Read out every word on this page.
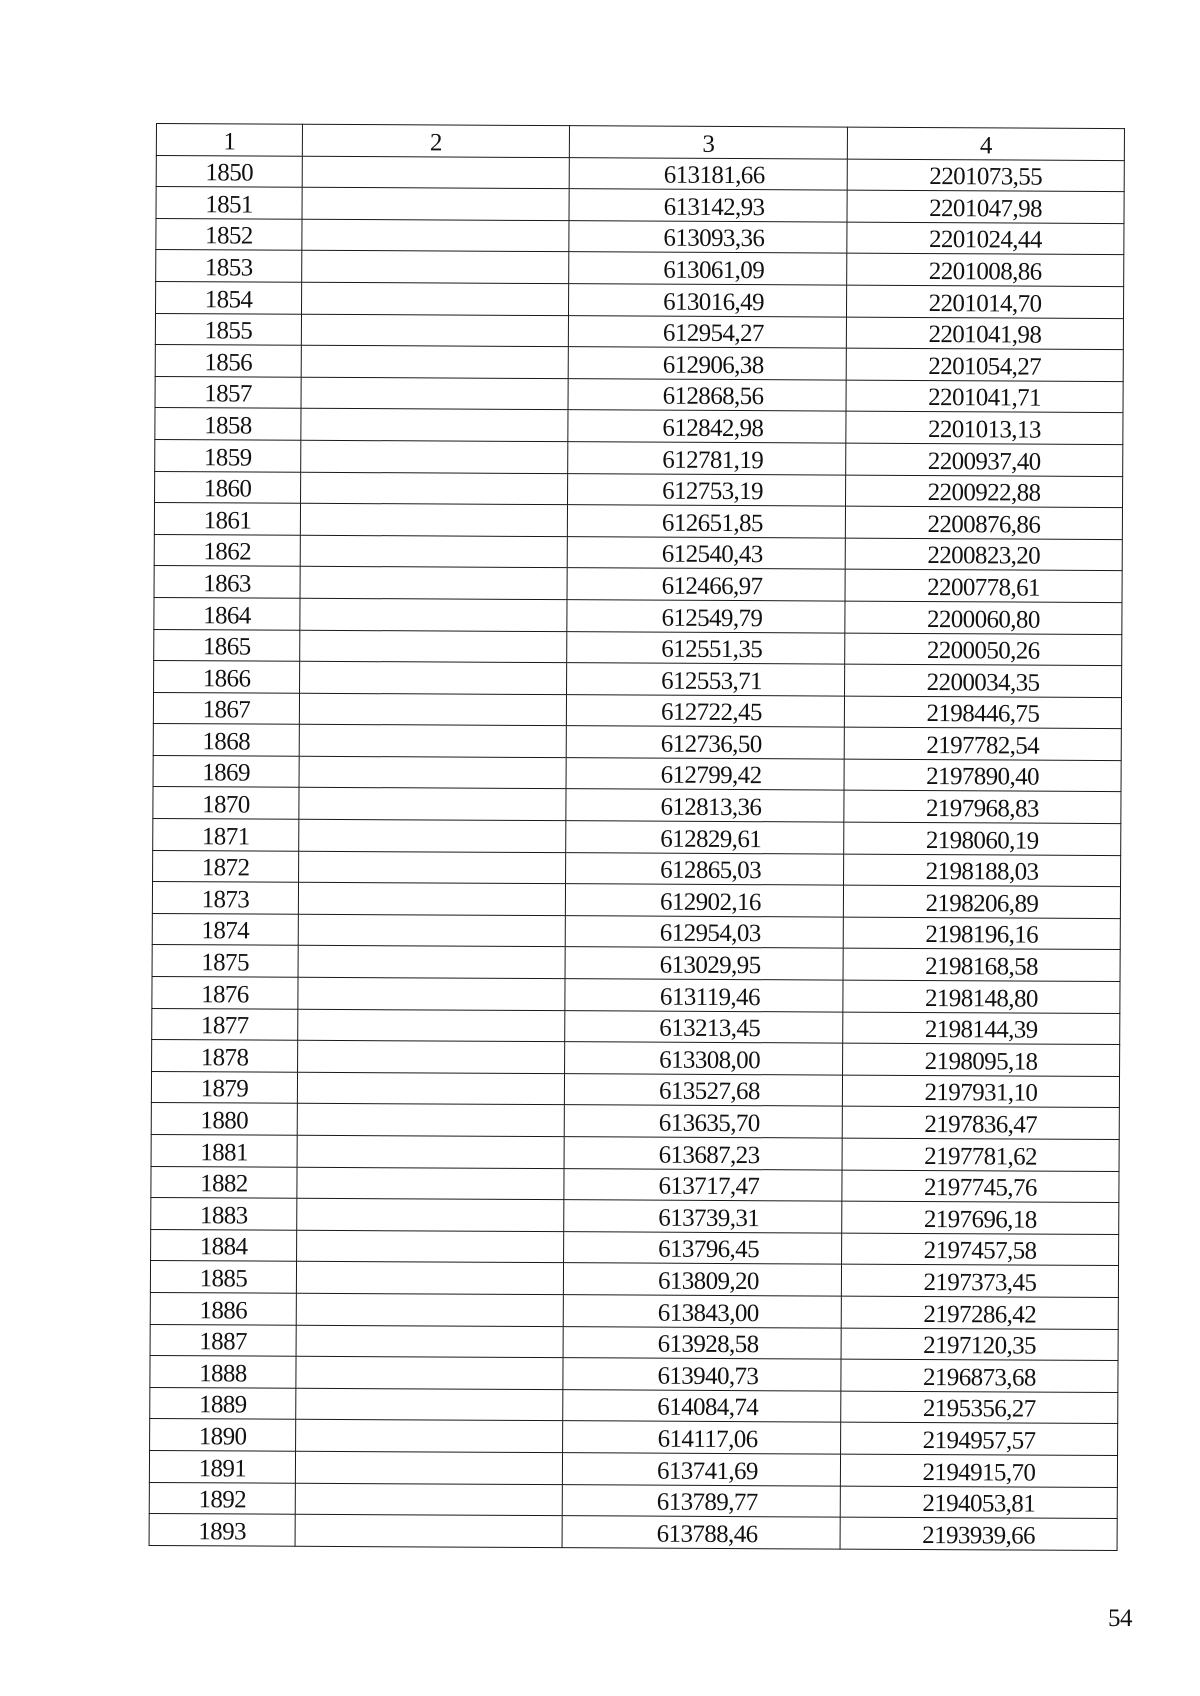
1	2	3	4
1850		613181,66	2201073,55
1851		613142,93	2201047,98
1852		613093,36	2201024,44
1853		613061,09	2201008,86
1854		613016,49	2201014,70
1855		612954,27	2201041,98
1856		612906,38	2201054,27
1857		612868,56	2201041,71
1858		612842,98	2201013,13
1859		612781,19	2200937,40
1860		612753,19	2200922,88
1861		612651,85	2200876,86
1862		612540,43	2200823,20
1863		612466,97	2200778,61
1864		612549,79	2200060,80
1865		612551,35	2200050,26
1866		612553,71	2200034,35
1867		612722,45	2198446,75
1868		612736,50	2197782,54
1869		612799,42	2197890,40
1870		612813,36	2197968,83
1871		612829,61	2198060,19
1872		612865,03	2198188,03
1873		612902,16	2198206,89
1874		612954,03	2198196,16
1875		613029,95	2198168,58
1876		613119,46	2198148,80
1877		613213,45	2198144,39
1878		613308,00	2198095,18
1879		613527,68	2197931,10
1880		613635,70	2197836,47
1881		613687,23	2197781,62
1882		613717,47	2197745,76
1883		613739,31	2197696,18
1884		613796,45	2197457,58
1885		613809,20	2197373,45
1886		613843,00	2197286,42
1887		613928,58	2197120,35
1888		613940,73	2196873,68
1889		614084,74	2195356,27
1890		614117,06	2194957,57
1891		613741,69	2194915,70
1892		613789,77	2194053,81
1893		613788,46	2193939,66
54
